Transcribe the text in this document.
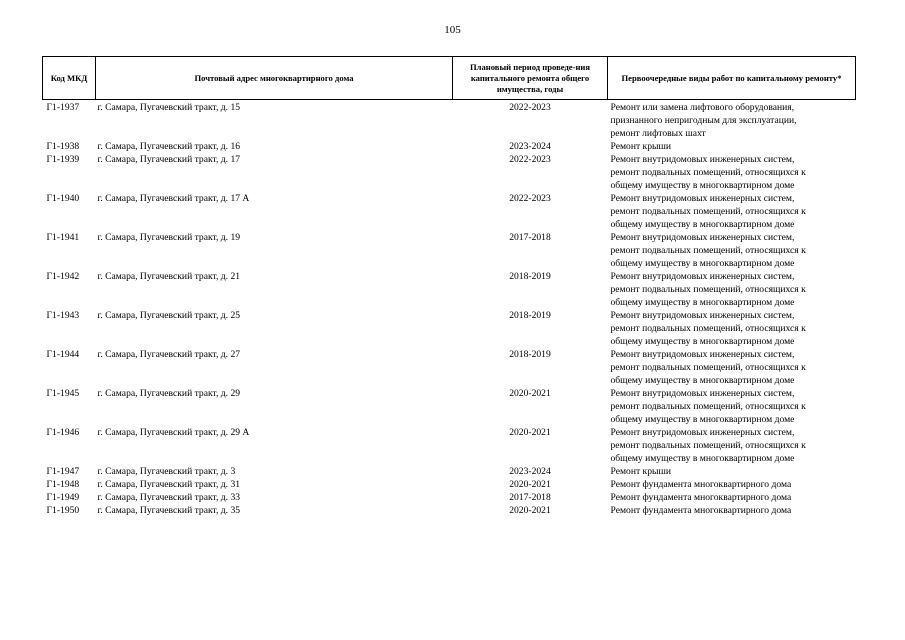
105
Код МКД	Почтовый адрес многоквартирного дома	Плановый период проведе-ния капитального ремонта общего имущества, годы	Первоочередные виды работ по капитальному ремонту*
Г1-1937	г. Самара, Пугачевский тракт, д. 15	2022-2023	Ремонт или замена лифтового оборудования,
признанного непригодным для эксплуатации,
ремонт лифтовых шахт

Г1-1938	г. Самара, Пугачевский тракт, д. 16	2023-2024	Ремонт крыши

Г1-1939	г. Самара, Пугачевский тракт, д. 17	2022-2023	Ремонт внутридомовых инженерных систем,
ремонт подвальных помещений, относящихся к
общему имуществу в многоквартирном доме

Г1-1940	г. Самара, Пугачевский тракт, д. 17 А	2022-2023	Ремонт внутридомовых инженерных систем,
ремонт подвальных помещений, относящихся к
общему имуществу в многоквартирном доме

Г1-1941	г. Самара, Пугачевский тракт, д. 19	2017-2018	Ремонт внутридомовых инженерных систем,
ремонт подвальных помещений, относящихся к
общему имуществу в многоквартирном доме

Г1-1942	г. Самара, Пугачевский тракт, д. 21	2018-2019	Ремонт внутридомовых инженерных систем,
ремонт подвальных помещений, относящихся к
общему имуществу в многоквартирном доме

Г1-1943	г. Самара, Пугачевский тракт, д. 25	2018-2019	Ремонт внутридомовых инженерных систем,
ремонт подвальных помещений, относящихся к
общему имуществу в многоквартирном доме

Г1-1944	г. Самара, Пугачевский тракт, д. 27	2018-2019	Ремонт внутридомовых инженерных систем,
ремонт подвальных помещений, относящихся к
общему имуществу в многоквартирном доме

Г1-1945	г. Самара, Пугачевский тракт, д. 29	2020-2021	Ремонт внутридомовых инженерных систем,
ремонт подвальных помещений, относящихся к
общему имуществу в многоквартирном доме

Г1-1946	г. Самара, Пугачевский тракт, д. 29 А	2020-2021	Ремонт внутридомовых инженерных систем,
ремонт подвальных помещений, относящихся к
общему имуществу в многоквартирном доме

Г1-1947	г. Самара, Пугачевский тракт, д. 3	2023-2024	Ремонт крыши

Г1-1948	г. Самара, Пугачевский тракт, д. 31	2020-2021	Ремонт фундамента многоквартирного дома

Г1-1949	г. Самара, Пугачевский тракт, д. 33	2017-2018	Ремонт фундамента многоквартирного дома

Г1-1950	г. Самара, Пугачевский тракт, д. 35	2020-2021	Ремонт фундамента многоквартирного дома
